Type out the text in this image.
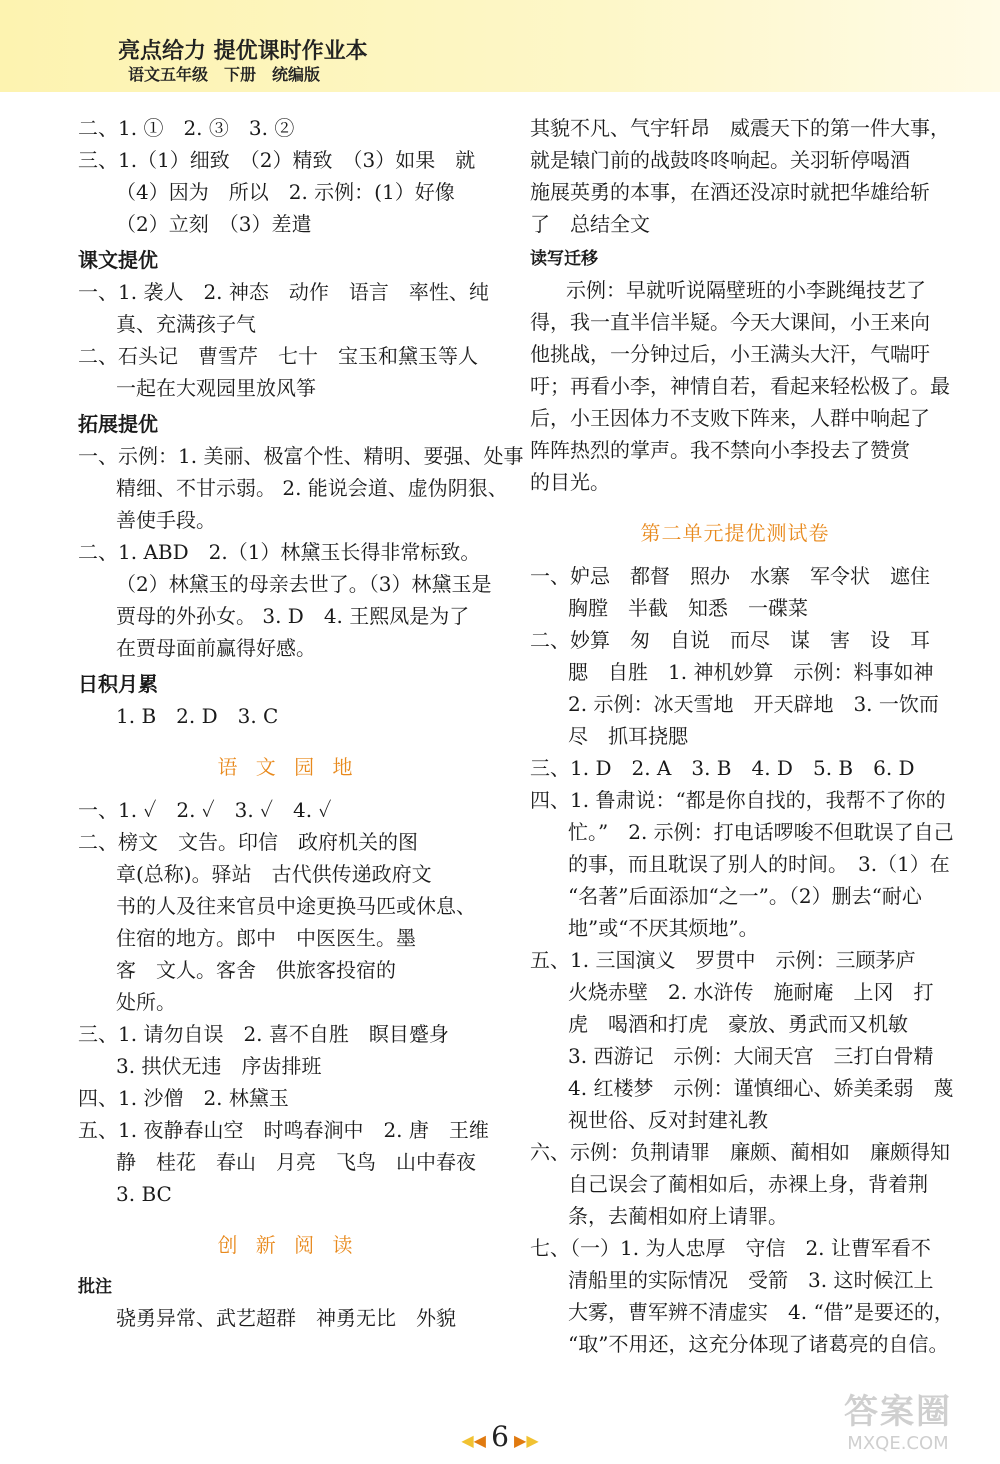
亮点给力 提优课时作业本
语文五年级　下册　统编版
二、1. ①　2. ③　3. ②
三、1.（1）细致　（2）精致　（3）如果　就
（4）因为　所以　2. 示例：(1）好像
（2）立刻　（3）差遣
课文提优
一、1. 袭人　2. 神态　动作　语言　率性、纯
真、充满孩子气
二、石头记　曹雪芹　七十　宝玉和黛玉等人
一起在大观园里放风筝
拓展提优
一、示例：1. 美丽、极富个性、精明、要强、处事
精细、不甘示弱。 2. 能说会道、虚伪阴狠、
善使手段。
二、1. ABD　2.（1）林黛玉长得非常标致。
（2）林黛玉的母亲去世了。（3）林黛玉是
贾母的外孙女。 3. D　4. 王熙凤是为了
在贾母面前赢得好感。
日积月累
1. B　2. D　3. C
语 文 园 地
一、1. ✓　2. ✓　3. ✓　4. ✓
二、榜文　文告。印信　政府机关的图
章(总称)。驿站　古代供传递政府文
书的人及往来官员中途更换马匹或休息、
住宿的地方。郎中　中医医生。墨
客　文人。客舍　供旅客投宿的
处所。
三、1. 请勿自误　2. 喜不自胜　瞑目蹙身
3. 拱伏无违　序齿排班
四、1. 沙僧　2. 林黛玉
五、1. 夜静春山空　时鸣春涧中　2. 唐　王维
静　桂花　春山　月亮　飞鸟　山中春夜
3. BC
创 新 阅 读
批注
骁勇异常、武艺超群　神勇无比　外貌
其貌不凡、气宇轩昂　威震天下的第一件大事，
就是辕门前的战鼓咚咚响起。关羽斩停喝酒
施展英勇的本事，在酒还没凉时就把华雄给斩
了　总结全文
读写迁移
示例：早就听说隔壁班的小李跳绳技艺了
得，我一直半信半疑。今天大课间，小王来向
他挑战，一分钟过后，小王满头大汗，气喘吁
吁；再看小李，神情自若，看起来轻松极了。最
后，小王因体力不支败下阵来，人群中响起了
阵阵热烈的掌声。我不禁向小李投去了赞赏
的目光。
第二单元提优测试卷
一、妒忌　都督　照办　水寨　军令状　遮住
胸膛　半截　知悉　一碟菜
二、妙算　匆　自说　而尽　谋　害　设　耳
腮　自胜　1. 神机妙算　示例：料事如神
2. 示例：冰天雪地　开天辟地　3. 一饮而
尽　抓耳挠腮
三、1. D　2. A　3. B　4. D　5. B　6. D
四、1. 鲁肃说：“都是你自找的，我帮不了你的
忙。”　2. 示例：打电话啰唆不但耽误了自己
的事，而且耽误了别人的时间。　3.（1）在
“名著”后面添加“之一”。（2）删去“耐心
地”或“不厌其烦地”。
五、1. 三国演义　罗贯中　示例：三顾茅庐
火烧赤壁　2. 水浒传　施耐庵　上冈　打
虎　喝酒和打虎　豪放、勇武而又机敏
3. 西游记　示例：大闹天宫　三打白骨精
4. 红楼梦　示例：谨慎细心、娇美柔弱　蔑
视世俗、反对封建礼教
六、示例：负荆请罪　廉颇、蔺相如　廉颇得知
自己误会了蔺相如后，赤裸上身，背着荆
条，去蔺相如府上请罪。
七、（一）1. 为人忠厚　守信　2. 让曹军看不
清船里的实际情况　受箭　3. 这时候江上
大雾，曹军辨不清虚实　4. “借”是要还的，
“取”不用还，这充分体现了诸葛亮的自信。
◀◀ 6 ▶▶
答案圈
MXQE.COM
